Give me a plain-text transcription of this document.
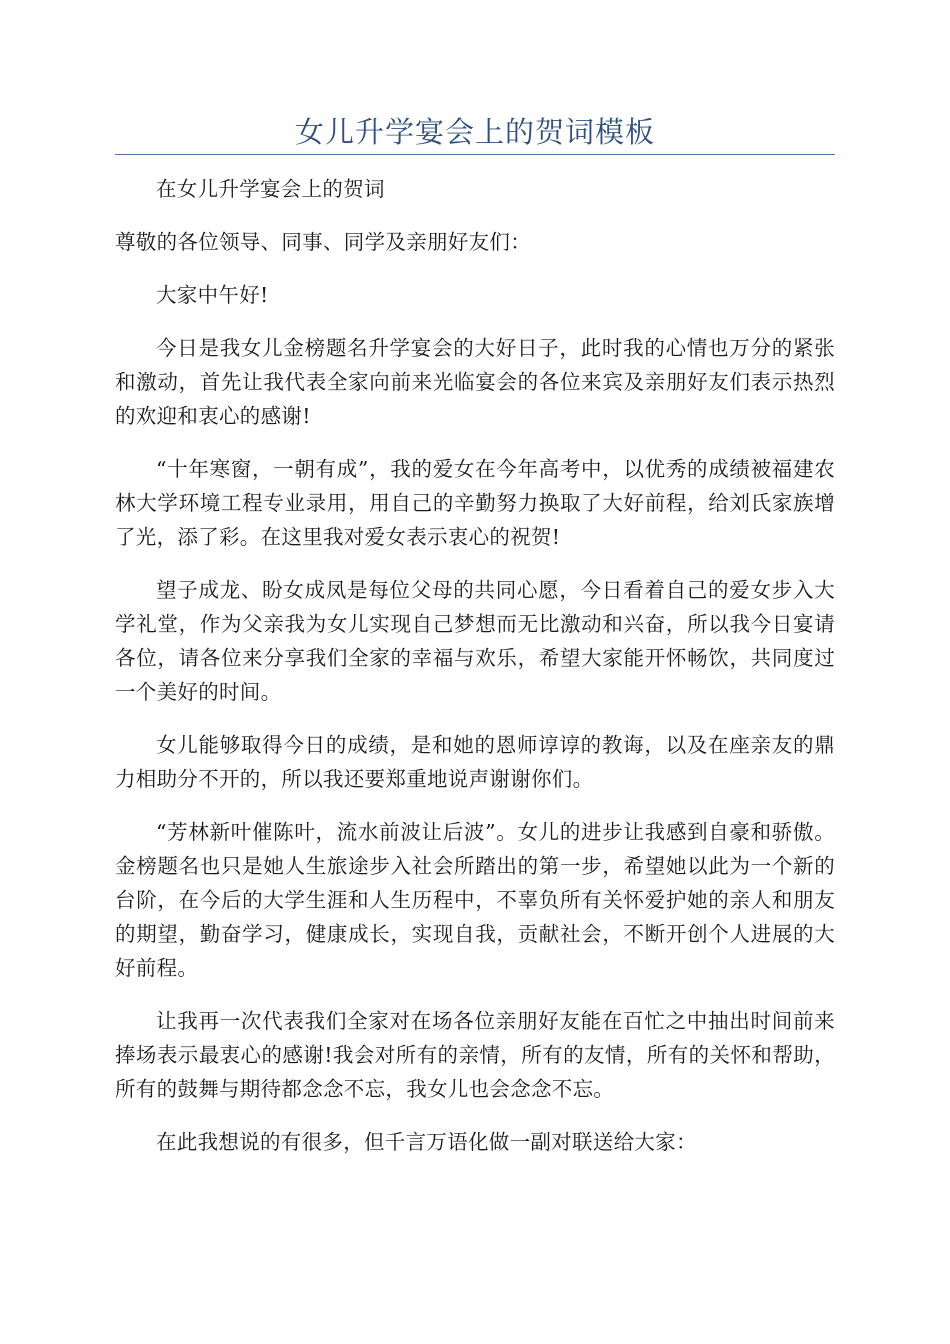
女儿升学宴会上的贺词模板

在女儿升学宴会上的贺词

尊敬的各位领导、同事、同学及亲朋好友们：

大家中午好!

今日是我女儿金榜题名升学宴会的大好日子，此时我的心情也万分的紧张和激动，首先让我代表全家向前来光临宴会的各位来宾及亲朋好友们表示热烈的欢迎和衷心的感谢!

“十年寒窗，一朝有成”，我的爱女在今年高考中，以优秀的成绩被福建农林大学环境工程专业录用，用自己的辛勤努力换取了大好前程，给刘氏家族增了光，添了彩。在这里我对爱女表示衷心的祝贺!

望子成龙、盼女成凤是每位父母的共同心愿，今日看着自己的爱女步入大学礼堂，作为父亲我为女儿实现自己梦想而无比激动和兴奋，所以我今日宴请各位，请各位来分享我们全家的幸福与欢乐，希望大家能开怀畅饮，共同度过一个美好的时间。

女儿能够取得今日的成绩，是和她的恩师谆谆的教诲，以及在座亲友的鼎力相助分不开的，所以我还要郑重地说声谢谢你们。

“芳林新叶催陈叶，流水前波让后波”。女儿的进步让我感到自豪和骄傲。金榜题名也只是她人生旅途步入社会所踏出的第一步，希望她以此为一个新的台阶，在今后的大学生涯和人生历程中，不辜负所有关怀爱护她的亲人和朋友的期望，勤奋学习，健康成长，实现自我，贡献社会，不断开创个人进展的大好前程。

让我再一次代表我们全家对在场各位亲朋好友能在百忙之中抽出时间前来捧场表示最衷心的感谢!我会对所有的亲情，所有的友情，所有的关怀和帮助，所有的鼓舞与期待都念念不忘，我女儿也会念念不忘。

在此我想说的有很多，但千言万语化做一副对联送给大家：
